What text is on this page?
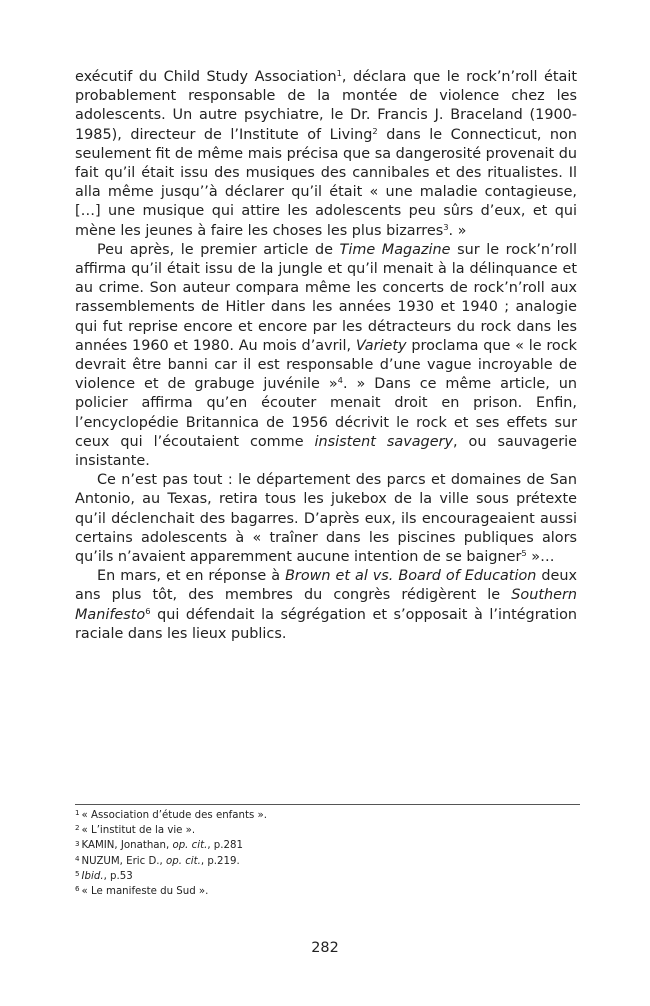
exécutif du Child Study Association$^1$, déclara que le rock’n’roll était probablement responsable de la montée de violence chez les adolescents. Un autre psychiatre, le Dr. Francis J. Braceland (1900-1985), directeur de l’Institute of Living$^2$ dans le Connecticut, non seulement fit de même mais précisa que sa dangerosité provenait du fait qu’il était issu des musiques des cannibales et des ritualistes. Il alla même jusqu’’à déclarer qu’il était « une maladie contagieuse, […] une musique qui attire les adolescents peu sûrs d’eux, et qui mène les jeunes à faire les choses les plus bizarres$^3$. »

Peu après, le premier article de Time Magazine sur le rock’n’roll affirma qu’il était issu de la jungle et qu’il menait à la délinquance et au crime. Son auteur compara même les concerts de rock’n’roll aux rassemblements de Hitler dans les années 1930 et 1940 ; analogie qui fut reprise encore et encore par les détracteurs du rock dans les années 1960 et 1980. Au mois d’avril, Variety proclama que « le rock devrait être banni car il est responsable d’une vague incroyable de violence et de grabuge juvénile »$^4$. » Dans ce même article, un policier affirma qu’en écouter menait droit en prison. Enfin, l’encyclopédie Britannica de 1956 décrivit le rock et ses effets sur ceux qui l’écoutaient comme insistent savagery, ou sauvagerie insistante.

Ce n’est pas tout : le département des parcs et domaines de San Antonio, au Texas, retira tous les jukebox de la ville sous prétexte qu’il déclenchait des bagarres. D’après eux, ils encourageaient aussi certains adolescents à « traîner dans les piscines publiques alors qu’ils n’avaient apparemment aucune intention de se baigner$^5$ »…

En mars, et en réponse à Brown et al vs. Board of Education deux ans plus tôt, des membres du congrès rédigèrent le Southern Manifesto$^6$ qui défendait la ségrégation et s’opposait à l’intégration raciale dans les lieux publics.

$^1$ « Association d’étude des enfants ».
$^2$ « L’institut de la vie ».
$^3$ KAMIN, Jonathan, op. cit., p.281
$^4$ NUZUM, Eric D., op. cit., p.219.
$^5$ Ibid., p.53
$^6$ « Le manifeste du Sud ».
282
